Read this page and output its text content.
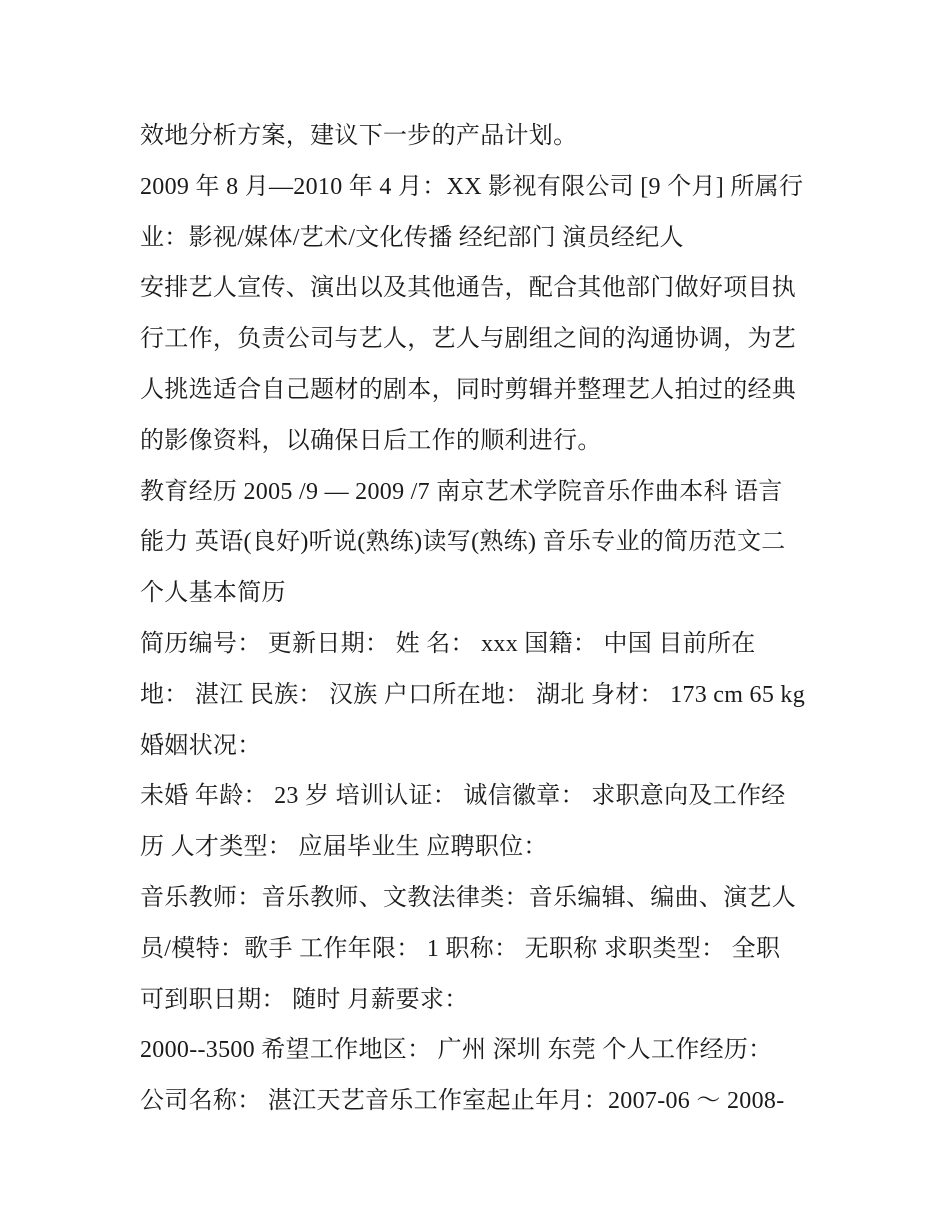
效地分析方案，建议下一步的产品计划。
2009 年 8 月—2010 年 4 月：XX 影视有限公司 [9 个月] 所属行
业：影视/媒体/艺术/文化传播 经纪部门 演员经纪人
安排艺人宣传、演出以及其他通告，配合其他部门做好项目执
行工作，负责公司与艺人，艺人与剧组之间的沟通协调，为艺
人挑选适合自己题材的剧本，同时剪辑并整理艺人拍过的经典
的影像资料，以确保日后工作的顺利进行。
教育经历 2005 /9 — 2009 /7 南京艺术学院音乐作曲本科 语言
能力 英语(良好)听说(熟练)读写(熟练) 音乐专业的简历范文二
个人基本简历
简历编号： 更新日期： 姓 名： xxx 国籍： 中国 目前所在
地： 湛江 民族： 汉族 户口所在地： 湖北 身材： 173 cm 65 kg
婚姻状况：
未婚 年龄： 23 岁 培训认证： 诚信徽章： 求职意向及工作经
历 人才类型： 应届毕业生 应聘职位：
音乐教师：音乐教师、文教法律类：音乐编辑、编曲、演艺人
员/模特：歌手 工作年限： 1 职称： 无职称 求职类型： 全职
可到职日期： 随时 月薪要求：
2000--3500 希望工作地区： 广州 深圳 东莞 个人工作经历：
公司名称： 湛江天艺音乐工作室起止年月：2007-06 ～ 2008-
